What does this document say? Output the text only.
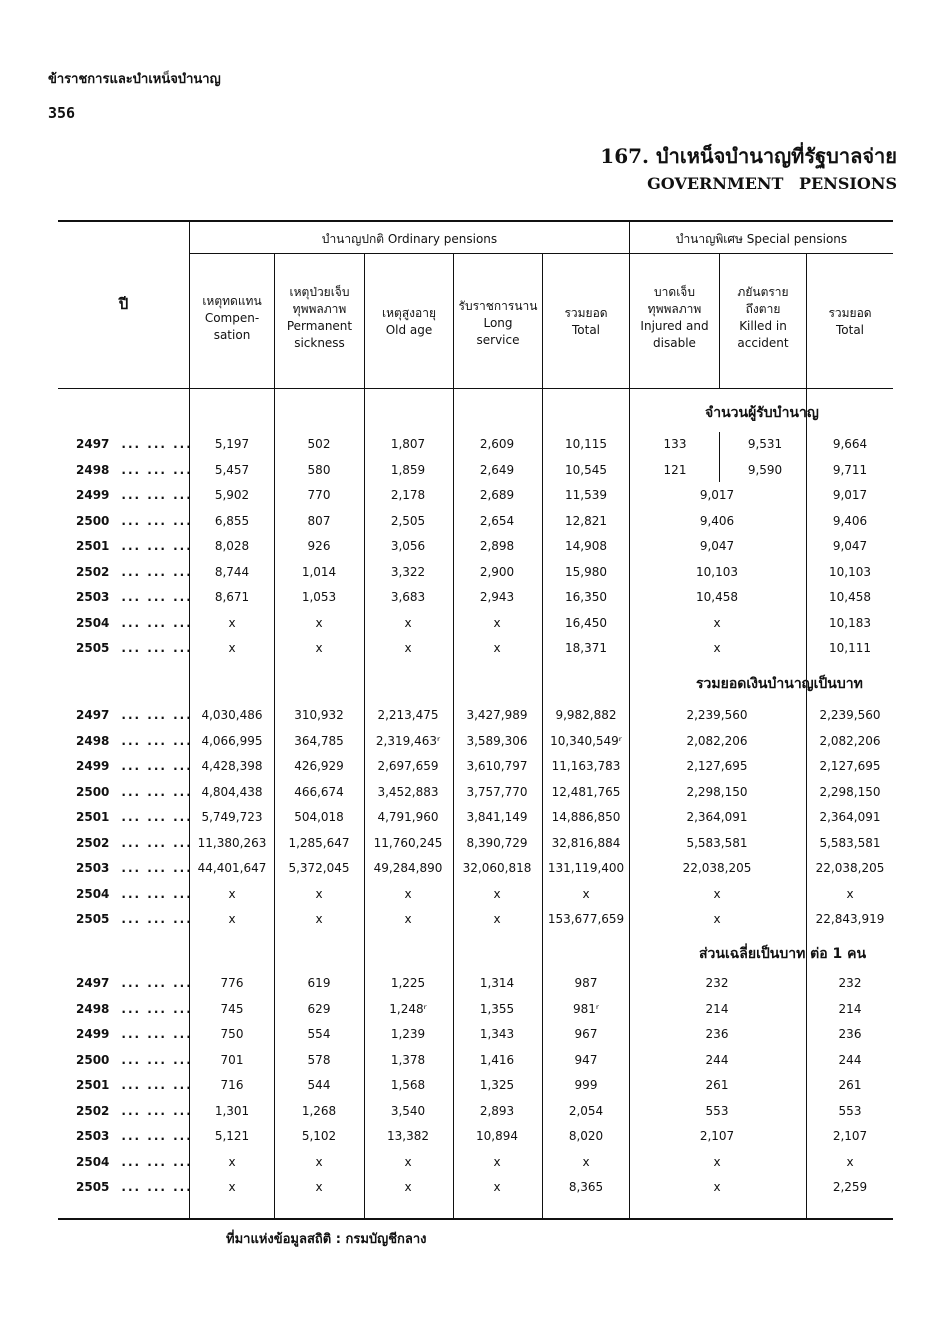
ข้าราชการและบำเหน็จบำนาญ
356
167. บำเหน็จบำนาญที่รัฐบาลจ่าย
GOVERNMENT PENSIONS
ปี
บำนาญปกติ Ordinary pensions	บำนาญพิเศษ Special pensions
เหตุทดแทน
Compen-
sation
เหตุป่วยเจ็บ
ทุพพลภาพ
Permanent
sickness
เหตุสูงอายุ
Old age
รับราชการนาน
Long
service
รวมยอด
Total
บาดเจ็บ
ทุพพลภาพ
Injured and
disable
ภยันตราย
ถึงตาย
Killed in
accident
รวมยอด
Total
จำนวนผู้รับบำนาญ
รวมยอดเงินบำนาญเป็นบาท
ส่วนเฉลี่ยเป็นบาท ต่อ 1 คน
2497 ... ... ...	5,197	502	1,807	2,609	10,115	133	9,531	9,664
2498 ... ... ...	5,457	580	1,859	2,649	10,545	121	9,590	9,711
2499 ... ... ...	5,902	770	2,178	2,689	11,539	9,017	9,017
2500 ... ... ...	6,855	807	2,505	2,654	12,821	9,406	9,406
2501 ... ... ...	8,028	926	3,056	2,898	14,908	9,047	9,047
2502 ... ... ...	8,744	1,014	3,322	2,900	15,980	10,103	10,103
2503 ... ... ...	8,671	1,053	3,683	2,943	16,350	10,458	10,458
2504 ... ... ...	x	x	x	x	16,450	x	10,183
2505 ... ... ...	x	x	x	x	18,371	x	10,111
2497 ... ... ... 4,030,486	310,932	2,213,475	3,427,989	9,982,882	2,239,560	2,239,560
2498 ... ... ... 4,066,995	364,785	2,319,463ʳ	3,589,306	10,340,549ʳ	2,082,206	2,082,206
2499 ... ... ... 4,428,398	426,929	2,697,659	3,610,797	11,163,783	2,127,695	2,127,695
2500 ... ... ... 4,804,438	466,674	3,452,883	3,757,770	12,481,765	2,298,150	2,298,150
2501 ... ... ... 5,749,723	504,018	4,791,960	3,841,149	14,886,850	2,364,091	2,364,091
2502 ... ... ... 11,380,263	1,285,647	11,760,245	8,390,729	32,816,884	5,583,581	5,583,581
2503 ... ... ... 44,401,647	5,372,045	49,284,890	32,060,818	131,119,400	22,038,205	22,038,205
2504 ... ... ...	x	x	x	x	x	x	x
2505 ... ... ...	x	x	x	x	153,677,659	x	22,843,919
2497 ... ... ...	776	619	1,225	1,314	987	232	232
2498 ... ... ...	745	629	1,248ʳ	1,355	981ʳ	214	214
2499 ... ... ...	750	554	1,239	1,343	967	236	236
2500 ... ... ...	701	578	1,378	1,416	947	244	244
2501 ... ... ...	716	544	1,568	1,325	999	261	261
2502 ... ... ...	1,301	1,268	3,540	2,893	2,054	553	553
2503 ... ... ...	5,121	5,102	13,382	10,894	8,020	2,107	2,107
2504 ... ... ...	x	x	x	x	x	x	x
2505 ... ... ...	x	x	x	x	8,365	x	2,259
ที่มาแห่งข้อมูลสถิติ : กรมบัญชีกลาง
